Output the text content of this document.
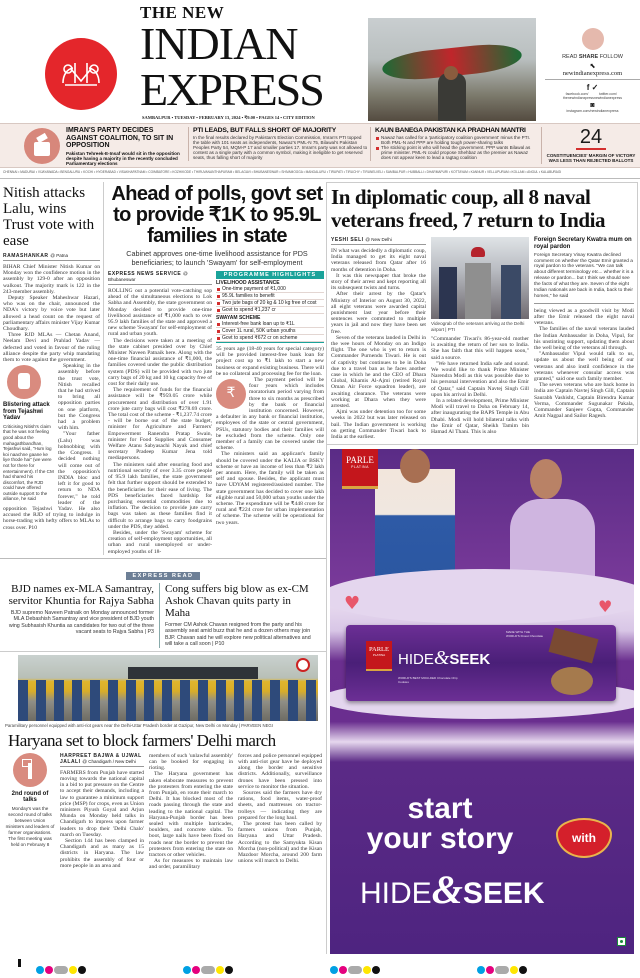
THE NEW
INDIAN
EXPRESS
SAMBALPUR • TUESDAY • FEBRUARY 13, 2024 • ₹9.00 • PAGES 14 • CITY EDITION
READ SHARE FOLLOW
⬉
newindianexpress.com
f ✓
facebook.com/ thenewindianxpress
twitter.com/ newindianexpress
◙
instagram.com/newindianexpress
IMRAN'S PARTY DECIDES AGAINST COALITION, TO SIT IN OPPOSITION
Pakistan Tehreek-E-Insaf would sit in the opposition despite having a majority in the recently concluded Parliamentary elections
PTI LEADS, BUT FALLS SHORT OF MAJORITY
In the final results declared by Pakistan's Election Commission, Imran's PTI topped the table with 101 seats as independents, Nawaz's PML-N 75, Bilawal's Pakistan Peoples Party 54, MQM-P 17 and smaller parties 17. Imran's party was not allowed to contest as a single party with a common symbol, making it ineligible to get reserved seats, thus falling short of majority
KAUN BANEGA PAKISTAN KA PRADHAN MANTRI
Nawaz has called for a 'participatory coalition government' minus the PTI. Both PML-N and PPP are holding tough power-sharing talks
The sticking point is who will head the government. PPP wants Bilawal as prime minister. PML-N could propose Shehbaz as the premier as Nawaz does not appear keen to lead a ragtag coalition
24
CONSTITUENCIES' MARGIN OF VICTORY WAS LESS THAN REJECTED BALLOTS
CHENNAI • MADURAI • VIJAYAWADA • BENGALURU • KOCHI • HYDERABAD • VISAKHAPATNAM • COIMBATORE • KOZHIKODE • THIRUVANANTHAPURAM • BELAGAVI • BHUBANESWAR • SHIVAMOGGA • MANGALURU • TIRUPATI • TIRUCHY • TIRUNELVELI • SAMBALPUR • HUBBALLI • DHARMAPURI • KOTTAYAM • KANNUR • VELLUPURAM • KOLLAM • ANGUL • KALABURAGI
Nitish attacks Lalu, wins Trust vote with ease
RAMASHANKAR @ Patna

BIHAR Chief Minister Nitish Kumar on Monday won the confidence motion in the assembly by 129-0 after an opposition walkout. The majority mark is 122 in the 243-member assembly.

Deputy Speaker Maheshwar Hazari, who was on the chair, announced the NDA's victory by voice vote but later allowed a head count on the request of parliamentary affairs minister Vijay Kumar Choudhary.

Three RJD MLAs — Chetan Anand, Neelam Devi and Prahlad Yadav — defected and voted in favour of the ruling alliance despite the party whip mandating them to vote against the government.

Blistering attack from Tejashwi Yadav
Criticising Nitish's claim that he was not feeling good about the mahagathbandhan, Tejashwi said, "Hum log koi naachne gaane ke liye thode hai" (we were not for there for entertainment). If the CM had shared his discomfort, the RJD could have offered outside support to the alliance, he said

Speaking in the assembly before the trust vote, Nitish recalled that he had strived to bring all opposition parties on one platform, but the Congress had a problem with him.

"Your father (Lalu) was hobnobbing with the Congress. I decided nothing will come out of the opposition's INDIA bloc and left it for good to return to NDA forever," he told leader of the opposition Tejashwi Yadav. He also accused the RJD of trying to indulge in horse-trading with hefty offers to MLAs to cross over. P10

Ahead of polls, govt set to provide ₹1K to 95.9L families in state
Cabinet approves one-time livelihood assistance for PDS beneficiaries; to launch 'Swayam' for self-employment
EXPRESS NEWS SERVICE @ Bhubaneswar

ROLLING out a potential vote-catching sop ahead of the simultaneous elections to Lok Sabha and Assembly, the state government on Monday decided to provide one-time livelihood assistance of ₹1,000 each to over 95.9 lakh families of the state and approved a new scheme 'Swayam' for self-employment of rural and urban youth.

The decisions were taken at a meeting of the state cabinet presided over by Chief Minister Naveen Patnaik here. Along with the one-time financial assistance of ₹1,000, the families covered under the public distribution system (PDS) will be provided with two jute carry bags of 20 kg and 10 kg capacity free of cost for their daily use.

The requirement of funds for the financial assistance will be ₹959.05 crore while procurement and distribution of over 1.91 crore jute carry bags will cost ₹278.69 crore. The total cost of the scheme - ₹1,237.74 crore - will be borne out of the state budget, minister for Agriculture and Farmers' Empowerment Ranendra Pratap Swain, minister for Food Supplies and Consumer Welfare Atanu Sabyasachi Nayak and chief secretary Pradeep Kumar Jena told mediapersons.

The ministers said after ensuring food and nutritional security of over 3.35 crore people of 95.9 lakh families, the state government felt that further support should be extended to the beneficiaries for their ease of living. The PDS beneficiaries faced hardship for purchasing essential commodities due to inflation. The decision to provide jute carry bags was taken as these families find it difficult to arrange bags to carry foodgrains under the PDS, they added.

Besides, under the 'Swayam' scheme for creation of self-employment opportunities, all urban and rural unemployed or under-employed youths of 18-

PROGRAMME HIGHLIGHTS
LIVELIHOOD ASSISTANCE
One-time payment of ₹1,000
95.9L families to benefit
Two jute bags of 20 kg & 10 kg free of cost
Govt to spend ₹1,237 cr
SWAYAM SCHEME
Interest-free bank loan up to ₹1L
Cover 1L rural, 50K urban youths
Govt to spend ₹672 cr on scheme

35 years age (18-40 years for special category) will be provided interest-free bank loan for project cost up to ₹1 lakh to start a new business or expand existing business. There will be no collateral and processing fee for the loan.

₹

The payment period will be four years which includes moratorium period varying from three to six months as prescribed by the bank or financial institution concerned. However, a defaulter in any bank or financial institution, employees of the state or central government, PSUs, statutory bodies and their families will be excluded from the scheme. Only one member of a family can be covered under the scheme.

The ministers said an applicant's family should be covered under the KALIA or BSKY scheme or have an income of less than ₹2 lakh per annum. Here, the family will be taken as self and spouse. Besides, the applicant must have UDYAM registered/assisted number. The state government has decided to cover one lakh eligible rural and 50,000 urban youths under the scheme. The expenditure will be ₹448 crore for rural and ₹224 crore for urban implementation of scheme. The scheme will be operational for two years.

EXPRESS READ
BJD names ex-MLA Samantray, servitor Khuntia for Rajya Sabha
BJD supremo Naveen Patnaik on Monday announced former MLA Debashish Samantray and vice president of BJD youth wing Subhasish Khuntia as candidates for two out of the three vacant seats to Rajya Sabha | P3
Cong suffers big blow as ex-CM Ashok Chavan quits party in Maha
Former CM Ashok Chavan resigned from the party and his assembly seat amid buzz that he and a dozen others may join BJP. Chavan said he will explore new political alternatives and will take a call soon | P10
Paramilitary personnel equipped with anti-riot gears near the Delhi-Uttar Pradesh border at Gazipur, New Delhi on Monday | PARVEEN NEGI
Haryana set to block farmers' Delhi march
2nd round of talks
Monday's was the second round of talks between Union ministers and leaders of farmer organisations. The first meeting was held on February 8
HARPREET BAJWA & UJWAL JALALI @ Chandigarh / New Delhi

FARMERS from Punjab have started moving towards the national capital in a bid to put pressure on the Centre to accept their demands, including a law to guarantee a minimum support price (MSP) for crops, even as Union ministers Piyush Goyal and Arjun Munda on Monday held talks in Chandigarh to impress upon farmer leaders to drop their 'Delhi Chalo' march on Tuesday.

Section 144 has been clamped in Chandigarh and as many as 15 districts in Haryana. The law prohibits the assembly of four or more people in an area and

members of such 'unlawful assembly' can be booked for engaging in rioting.

The Haryana government has taken elaborate measures to prevent the protesters from entering the state from Punjab, en route their march to Delhi. It has blocked most of the roads passing through the state and leading to the national capital. The Haryana-Punjab border has been sealed with multiple barricades, boulders, and concrete slabs. To boot, large nails have been fixed on roads near the border to prevent the protesters from entering the state on tractors or other vehicles.

As for measures to maintain law and order, paramilitary

forces and police personnel equipped with anti-riot gear have be deployed along the border and sensitive districts. Additionally, surveillance drones have been pressed into service to monitor the situation.

Sources said the farmers have dry rations, food items, water-proof sheets, and mattresses on tractor-trolleys — indicating they are prepared for the long haul.

The protest has been called by farmers unions from Punjab, Haryana and Uttar Pradesh. According to the Samyukta Kisan Morcha (non-political) and the Kisan Mazdoor Morcha, around 200 farm unions will march to Delhi.

In diplomatic coup, all 8 naval veterans freed, 7 return to India
YESHI SELI @ New Delhi

IN what was decidedly a diplomatic coup, India managed to get its eight naval veterans released from Qatar after 16 months of detention in Doha.

It was this newspaper that broke the story of their arrest and kept reporting all its subsequent twists and turns.

After their arrest by the Qatar's Ministry of Interior on August 30, 2022, all eight veterans were awarded capital punishment last year before their sentences were commuted to multiple years in jail and now they have been set free.

Seven of the veterans landed in Delhi in the wee hours of Monday on an Indigo flight. The one who is yet to return is Commander Purnendu Tiwari. He is out of captivity but continues to be in Doha due to a travel ban as he faces another case in which he and the CEO of Dhara Global, Khamis Al-Ajmi (retired Royal Oman Air Force squadron leader), are awaiting clearance. The veterans were working at Dhara when they were arrested.

Ajmi was under detention too for some weeks in 2022 but was later released on bail. The Indian government is working on getting Commander Tiwari back to India at the earliest.

Videograb of the veterans arriving at the Delhi airport | PTI

"Commander Tiwari's 86-year-old mother is awaiting the return of her son to India. She has faith that this will happen soon," said a source.

"We have returned India safe and sound. We would like to thank Prime Minister Narendra Modi as this was possible due to his personal intervention and also the Emir of Qatar," said Captain Navtej Singh Gill upon his arrival in Delhi.

In a related development, Prime Minister Modi will travel to Doha on February 14, after inaugurating the BAPS Temple in Abu Dhabi. Modi will hold bilateral talks with the Emir of Qatar, Sheikh Tamim bin Hamad Al Thani. This is also

Foreign Secretary Kwatra mum on royal pardon
Foreign Secretary Vinay Kwatra declined comment on whether the Qatar Emir granted a royal pardon to the veterans. "We can talk about different terminology etc... whether it is a release or pardon... but I think we should see the facts of what they are. Seven of the eight Indian nationals are back in India, back to their homes," he said

being viewed as a goodwill visit by Modi after the Emir released the eight naval veterans.

The families of the naval veterans lauded the Indian Ambassador in Doha, Vipul, for his unstinting support, updating them about the well being of the veterans all through.

"Ambassador Vipul would talk to us, update us about the well being of our veterans and also instil confidence in the veterans whenever consular access was granted," said one such family member.

The seven veterans who are back home in India are Captain Navtej Singh Gill, Captain Saurabh Vashisht, Captain Birendra Kumar Verma, Commander Sugunakar Pakala, Commander Sanjeev Gupta, Commander Amit Nagpal and Sailor Ragesh.

PARLE
PLATINA
♥	♥
PARLE
PLATINA HIDE&SEEK
MADE WITH THE WORLD'S Finest Chocolate
WORLD'S BEST MOULDED Chocolate Chip Cookies
start
your story	with
HIDE&SEEK
